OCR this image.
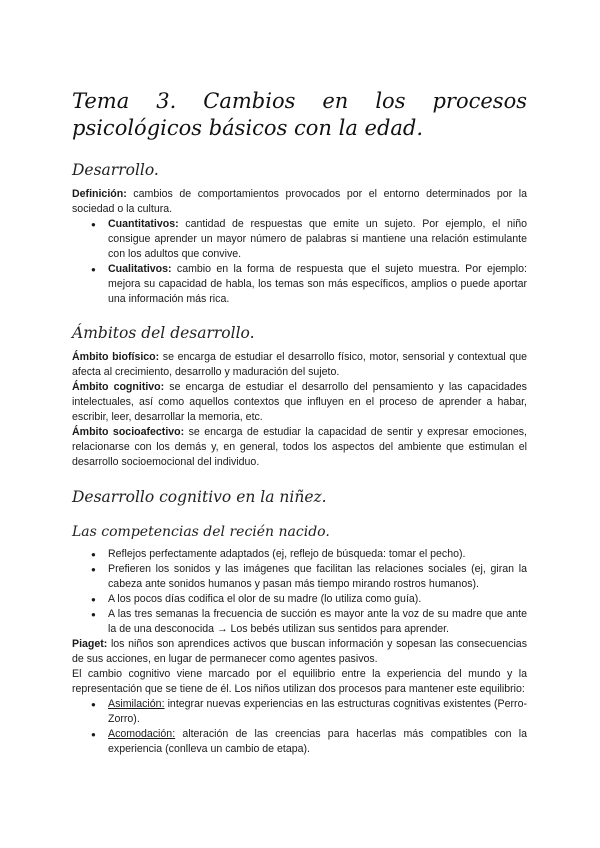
Tema 3. Cambios en los procesos psicológicos básicos con la edad.
Desarrollo.

Definición: cambios de comportamientos provocados por el entorno determinados por la sociedad o la cultura.

● Cuantitativos: cantidad de respuestas que emite un sujeto. Por ejemplo, el niño consigue aprender un mayor número de palabras si mantiene una relación estimulante con los adultos que convive.
● Cualitativos: cambio en la forma de respuesta que el sujeto muestra. Por ejemplo: mejora su capacidad de habla, los temas son más específicos, amplios o puede aportar una información más rica.
Ámbitos del desarrollo.

Ámbito biofísico: se encarga de estudiar el desarrollo físico, motor, sensorial y contextual que afecta al crecimiento, desarrollo y maduración del sujeto.

Ámbito cognitivo: se encarga de estudiar el desarrollo del pensamiento y las capacidades intelectuales, así como aquellos contextos que influyen en el proceso de aprender a habar, escribir, leer, desarrollar la memoria, etc.

Ámbito socioafectivo: se encarga de estudiar la capacidad de sentir y expresar emociones, relacionarse con los demás y, en general, todos los aspectos del ambiente que estimulan el desarrollo socioemocional del individuo.

Desarrollo cognitivo en la niñez.
Las competencias del recién nacido.
● Reflejos perfectamente adaptados (ej, reflejo de búsqueda: tomar el pecho).
● Prefieren los sonidos y las imágenes que facilitan las relaciones sociales (ej, giran la cabeza ante sonidos humanos y pasan más tiempo mirando rostros humanos).
● A los pocos días codifica el olor de su madre (lo utiliza como guía).
● A las tres semanas la frecuencia de succión es mayor ante la voz de su madre que ante la de una desconocida → Los bebés utilizan sus sentidos para aprender.

Piaget: los niños son aprendices activos que buscan información y sopesan las consecuencias de sus acciones, en lugar de permanecer como agentes pasivos.

El cambio cognitivo viene marcado por el equilibrio entre la experiencia del mundo y la representación que se tiene de él. Los niños utilizan dos procesos para mantener este equilibrio:

● Asimilación: integrar nuevas experiencias en las estructuras cognitivas existentes (Perro-Zorro).
● Acomodación: alteración de las creencias para hacerlas más compatibles con la experiencia (conlleva un cambio de etapa).
